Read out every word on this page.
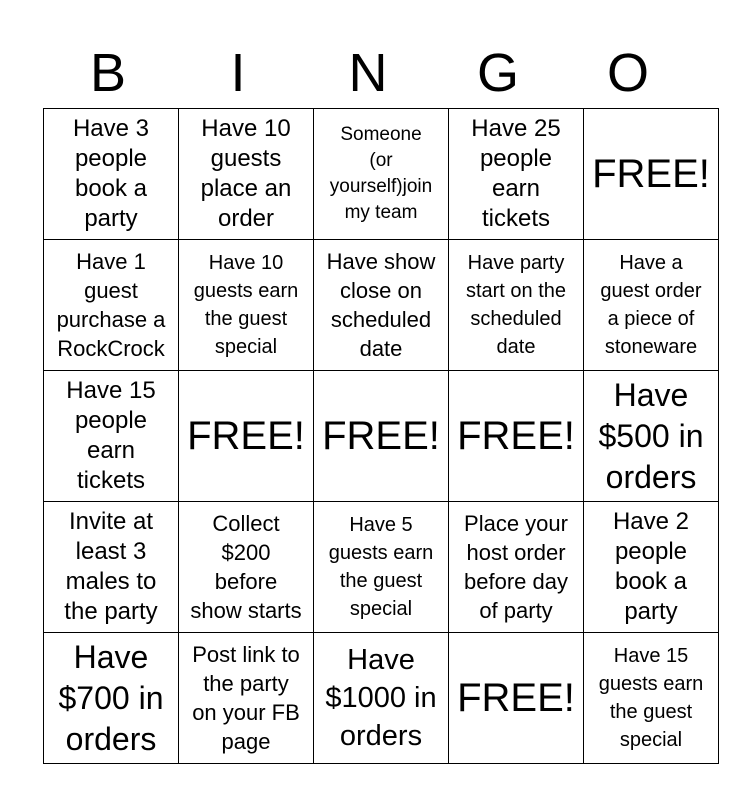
B	I	N	G	O
Have 3
people
book a
party	Have 10
guests
place an
order	Someone
(or
yourself)join
my team	Have 25
people
earn
tickets	FREE!

Have 1
guest
purchase a
RockCrock	Have 10
guests earn
the guest
special	Have show
close on
scheduled
date	Have party
start on the
scheduled
date	Have a
guest order
a piece of
stoneware

Have 15
people
earn
tickets	FREE!	FREE!	FREE!	Have
$500 in
orders

Invite at
least 3
males to
the party	Collect
$200
before
show starts	Have 5
guests earn
the guest
special	Place your
host order
before day
of party	Have 2
people
book a
party

Have
$700 in
orders	Post link to
the party
on your FB
page	Have
$1000 in
orders	FREE!	Have 15
guests earn
the guest
special
